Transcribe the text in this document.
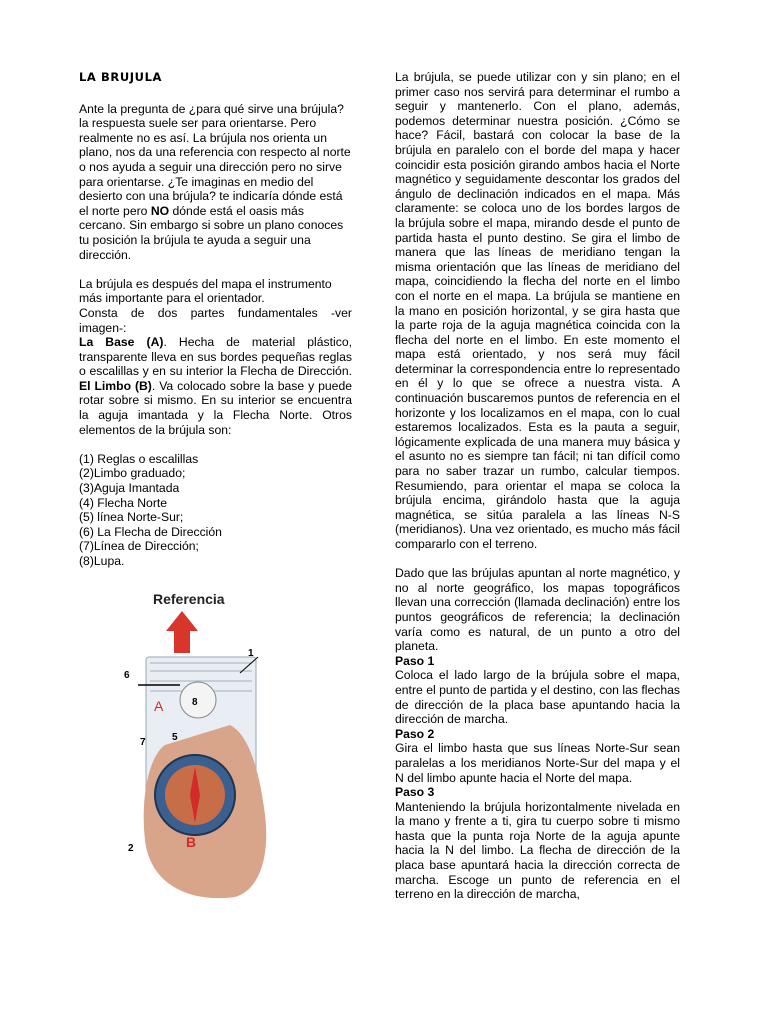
LA BRUJULA

Ante la pregunta de ¿para qué sirve una brújula? la respuesta suele ser para orientarse. Pero realmente no es así. La brújula nos orienta un plano, nos da una referencia con respecto al norte o nos ayuda a seguir una dirección pero no sirve para orientarse. ¿Te imaginas en medio del desierto con una brújula? te indicaría dónde está el norte pero NO dónde está el oasis más cercano. Sin embargo si sobre un plano conoces tu posición la brújula te ayuda a seguir una dirección.

La brújula es después del mapa el instrumento más importante para el orientador.

Consta de dos partes fundamentales -ver imagen-:

La Base (A). Hecha de material plástico, transparente lleva en sus bordes pequeñas reglas o escalillas y en su interior la Flecha de Dirección. El Limbo (B). Va colocado sobre la base y puede rotar sobre si mismo. En su interior se encuentra la aguja imantada y la Flecha Norte. Otros elementos de la brújula son:

(1) Reglas o escalillas
(2)Limbo graduado;
(3)Aguja Imantada
(4) Flecha Norte
(5) línea Norte-Sur;
(6) La Flecha de Dirección
(7)Línea de Dirección;
(8)Lupa.
Referencia
6
1
7	5
8
2
A
B

La brújula, se puede utilizar con y sin plano; en el primer caso nos servirá para determinar el rumbo a seguir y mantenerlo. Con el plano, además, podemos determinar nuestra posición. ¿Cómo se hace? Fácil, bastará con colocar la base de la brújula en paralelo con el borde del mapa y hacer coincidir esta posición girando ambos hacia el Norte magnético y seguidamente descontar los grados del ángulo de declinación indicados en el mapa. Más claramente: se coloca uno de los bordes largos de la brújula sobre el mapa, mirando desde el punto de partida hasta el punto destino. Se gira el limbo de manera que las líneas de meridiano tengan la misma orientación que las líneas de meridiano del mapa, coincidiendo la flecha del norte en el limbo con el norte en el mapa. La brújula se mantiene en la mano en posición horizontal, y se gira hasta que la parte roja de la aguja magnética coincida con la flecha del norte en el limbo. En este momento el mapa está orientado, y nos será muy fácil determinar la correspondencia entre lo representado en él y lo que se ofrece a nuestra vista. A continuación buscaremos puntos de referencia en el horizonte y los localizamos en el mapa, con lo cual estaremos localizados. Esta es la pauta a seguir, lógicamente explicada de una manera muy básica y el asunto no es siempre tan fácil; ni tan difícil como para no saber trazar un rumbo, calcular tiempos. Resumiendo, para orientar el mapa se coloca la brújula encima, girándolo hasta que la aguja magnética, se sitúa paralela a las líneas N-S (meridianos). Una vez orientado, es mucho más fácil compararlo con el terreno.

Dado que las brújulas apuntan al norte magnético, y no al norte geográfico, los mapas topográficos llevan una corrección (llamada declinación) entre los puntos geográficos de referencia; la declinación varía como es natural, de un punto a otro del planeta.

Paso 1

Coloca el lado largo de la brújula sobre el mapa, entre el punto de partida y el destino, con las flechas de dirección de la placa base apuntando hacia la dirección de marcha.

Paso 2

Gira el limbo hasta que sus líneas Norte-Sur sean paralelas a los meridianos Norte-Sur del mapa y el N del limbo apunte hacia el Norte del mapa.

Paso 3

Manteniendo la brújula horizontalmente nivelada en la mano y frente a ti, gira tu cuerpo sobre ti mismo hasta que la punta roja Norte de la aguja apunte hacia la N del limbo. La flecha de dirección de la placa base apuntará hacia la dirección correcta de marcha. Escoge un punto de referencia en el terreno en la dirección de marcha,
